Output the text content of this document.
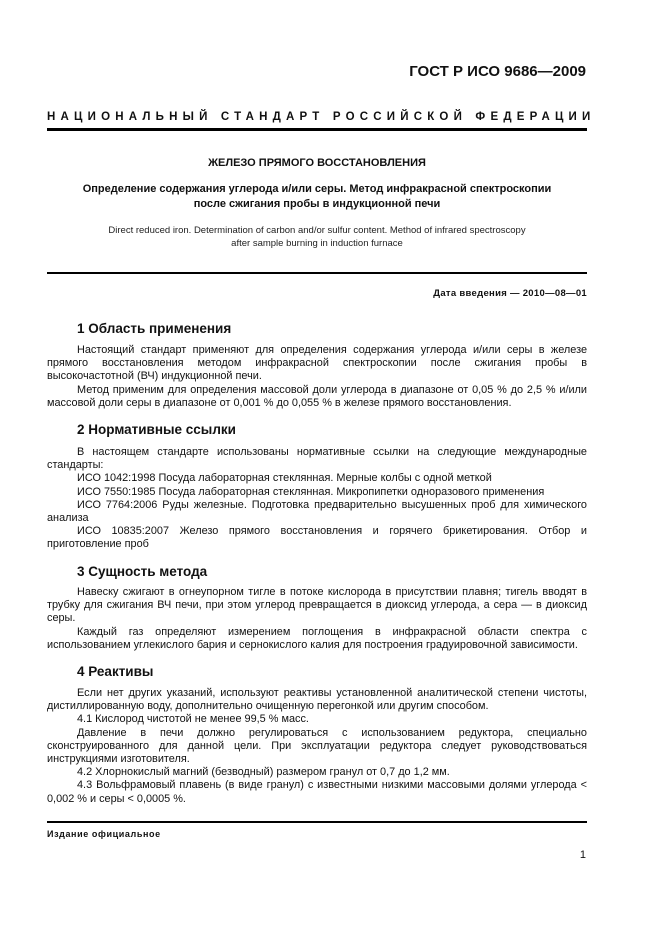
ГОСТ Р ИСО 9686—2009
НАЦИОНАЛЬНЫЙ СТАНДАРТ РОССИЙСКОЙ ФЕДЕРАЦИИ
ЖЕЛЕЗО ПРЯМОГО ВОССТАНОВЛЕНИЯ
Определение содержания углерода и/или серы. Метод инфракрасной спектроскопии
после сжигания пробы в индукционной печи
Direct reduced iron. Determination of carbon and/or sulfur content. Method of infrared spectroscopy
after sample burning in induction furnace
Дата введения — 2010—08—01
1 Область применения

Настоящий стандарт применяют для определения содержания углерода и/или серы в железе прямого восстановления методом инфракрасной спектроскопии после сжигания пробы в высокочастотной (ВЧ) индукционной печи.

Метод применим для определения массовой доли углерода в диапазоне от 0,05 % до 2,5 % и/или массовой доли серы в диапазоне от 0,001 % до 0,055 % в железе прямого восстановления.

2 Нормативные ссылки

В настоящем стандарте использованы нормативные ссылки на следующие международные стандарты:

ИСО 1042:1998 Посуда лабораторная стеклянная. Мерные колбы с одной меткой

ИСО 7550:1985 Посуда лабораторная стеклянная. Микропипетки одноразового применения

ИСО 7764:2006 Руды железные. Подготовка предварительно высушенных проб для химического анализа

ИСО 10835:2007 Железо прямого восстановления и горячего брикетирования. Отбор и приготовление проб

3 Сущность метода

Навеску сжигают в огнеупорном тигле в потоке кислорода в присутствии плавня; тигель вводят в трубку для сжигания ВЧ печи, при этом углерод превращается в диоксид углерода, а сера — в диоксид серы.

Каждый газ определяют измерением поглощения в инфракрасной области спектра с использованием углекислого бария и сернокислого калия для построения градуировочной зависимости.

4 Реактивы

Если нет других указаний, используют реактивы установленной аналитической степени чистоты, дистиллированную воду, дополнительно очищенную перегонкой или другим способом.

4.1 Кислород чистотой не менее 99,5 % масс.

Давление в печи должно регулироваться с использованием редуктора, специально сконструированного для данной цели. При эксплуатации редуктора следует руководствоваться инструкциями изготовителя.

4.2 Хлорнокислый магний (безводный) размером гранул от 0,7 до 1,2 мм.

4.3 Вольфрамовый плавень (в виде гранул) с известными низкими массовыми долями углерода < 0,002 % и серы < 0,0005 %.

Издание официальное
1
